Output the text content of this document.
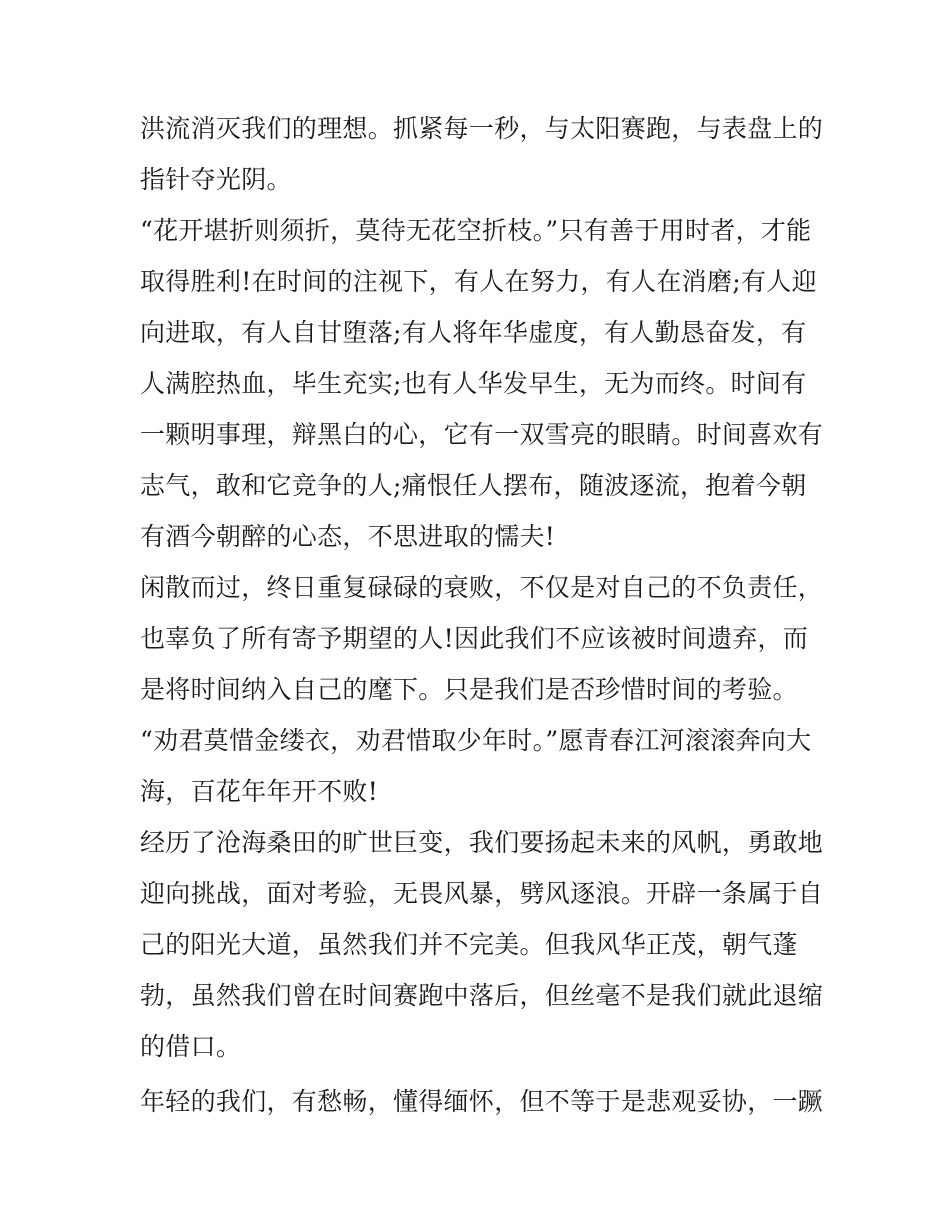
洪流消灭我们的理想。抓紧每一秒，与太阳赛跑，与表盘上的
指针夺光阴。
“花开堪折则须折，莫待无花空折枝。”只有善于用时者，才能
取得胜利!在时间的注视下，有人在努力，有人在消磨;有人迎
向进取，有人自甘堕落;有人将年华虚度，有人勤恳奋发，有
人满腔热血，毕生充实;也有人华发早生，无为而终。时间有
一颗明事理，辩黑白的心，它有一双雪亮的眼睛。时间喜欢有
志气，敢和它竞争的人;痛恨任人摆布，随波逐流，抱着今朝
有酒今朝醉的心态，不思进取的懦夫!
闲散而过，终日重复碌碌的衰败，不仅是对自己的不负责任，
也辜负了所有寄予期望的人!因此我们不应该被时间遗弃，而
是将时间纳入自己的麾下。只是我们是否珍惜时间的考验。
“劝君莫惜金缕衣，劝君惜取少年时。”愿青春江河滚滚奔向大
海，百花年年开不败!
经历了沧海桑田的旷世巨变，我们要扬起未来的风帆，勇敢地
迎向挑战，面对考验，无畏风暴，劈风逐浪。开辟一条属于自
己的阳光大道，虽然我们并不完美。但我风华正茂，朝气蓬
勃，虽然我们曾在时间赛跑中落后，但丝毫不是我们就此退缩
的借口。
年轻的我们，有愁畅，懂得缅怀，但不等于是悲观妥协，一蹶
